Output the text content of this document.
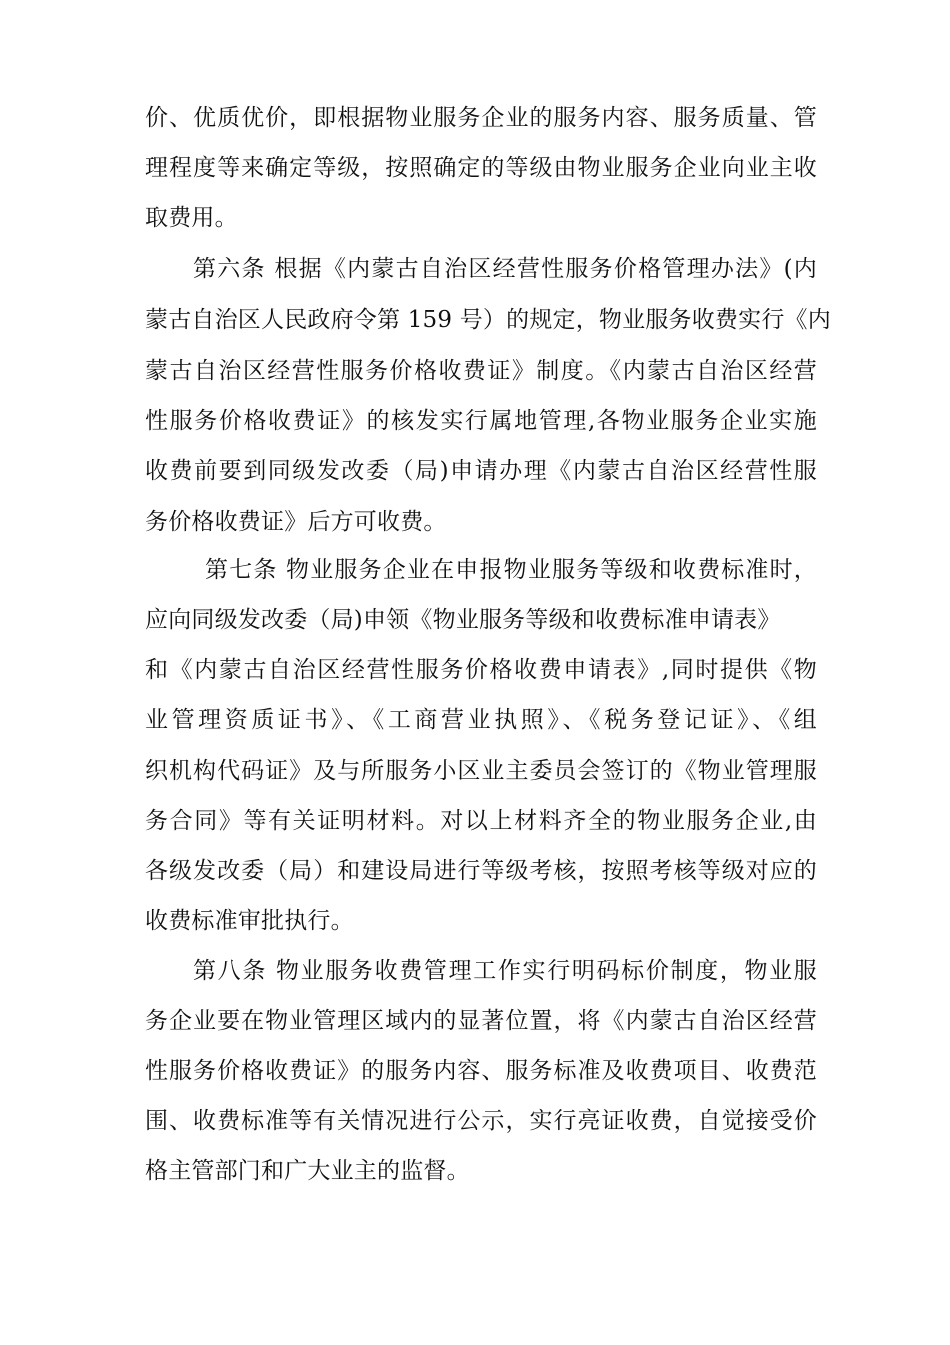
价、优质优价，即根据物业服务企业的服务内容、服务质量、管
理程度等来确定等级，按照确定的等级由物业服务企业向业主收
取费用。
第六条 根据《内蒙古自治区经营性服务价格管理办法》(内
蒙古自治区人民政府令第 159 号）的规定，物业服务收费实行《内
蒙古自治区经营性服务价格收费证》制度。《内蒙古自治区经营
性服务价格收费证》的核发实行属地管理,各物业服务企业实施
收费前要到同级发改委（局)申请办理《内蒙古自治区经营性服
务价格收费证》后方可收费。
第七条 物业服务企业在申报物业服务等级和收费标准时，
应向同级发改委（局)申领《物业服务等级和收费标准申请表》
和《内蒙古自治区经营性服务价格收费申请表》,同时提供《物
业管理资质证书》、《工商营业执照》、《税务登记证》、《组
织机构代码证》及与所服务小区业主委员会签订的《物业管理服
务合同》等有关证明材料。对以上材料齐全的物业服务企业,由
各级发改委（局）和建设局进行等级考核，按照考核等级对应的
收费标准审批执行。
第八条 物业服务收费管理工作实行明码标价制度，物业服
务企业要在物业管理区域内的显著位置，将《内蒙古自治区经营
性服务价格收费证》的服务内容、服务标准及收费项目、收费范
围、收费标准等有关情况进行公示，实行亮证收费，自觉接受价
格主管部门和广大业主的监督。
